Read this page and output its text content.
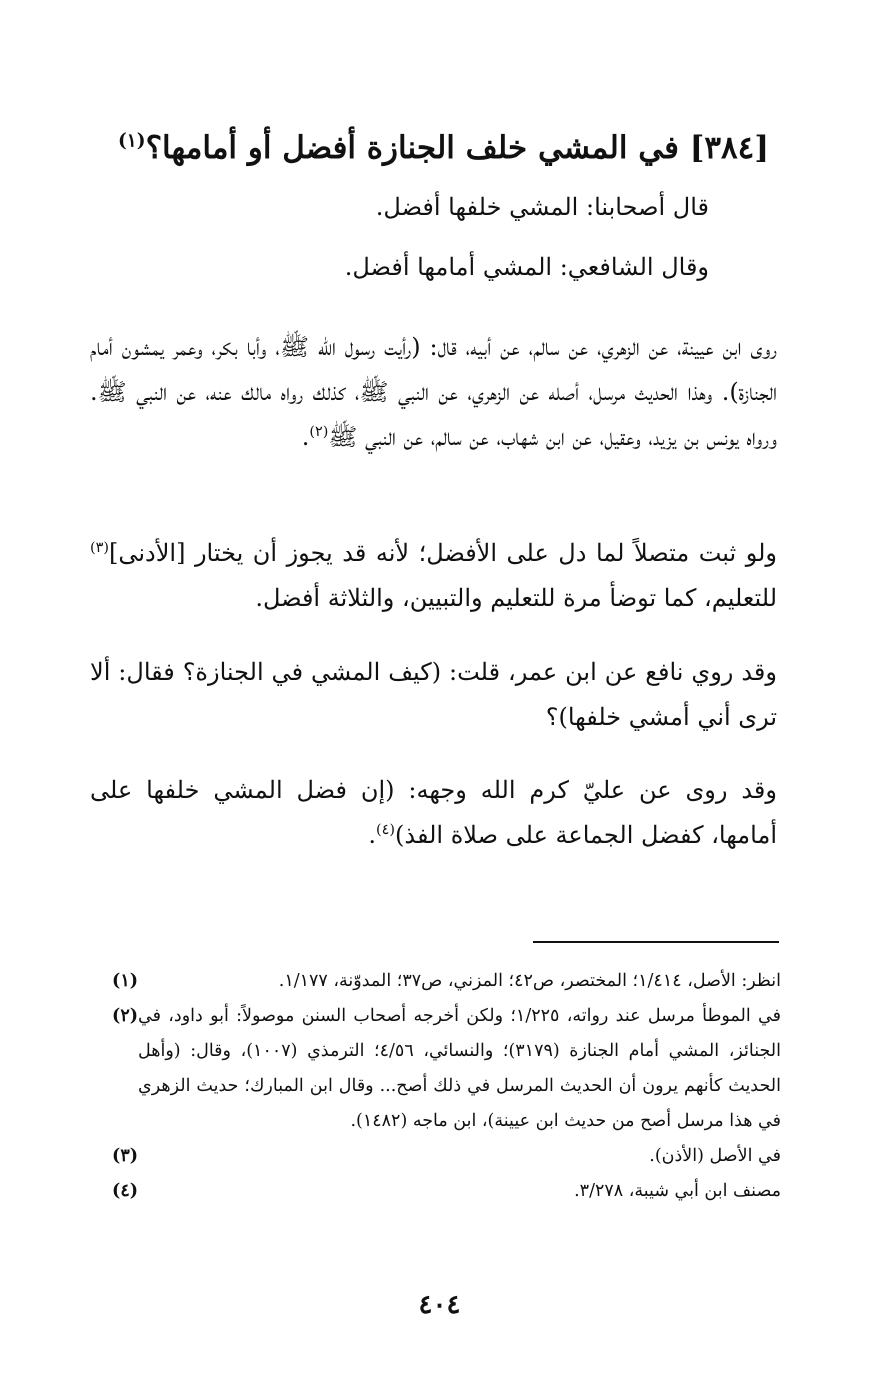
[٣٨٤] في المشي خلف الجنازة أفضل أو أمامها؟$^{(١)}$
قال أصحابنا: المشي خلفها أفضل.
وقال الشافعي: المشي أمامها أفضل.
روى ابن عيينة، عن الزهري، عن سالم، عن أبيه، قال: (رأيت رسول الله ﷺ، وأبا بكر، وعمر يمشون أمام الجنازة). وهذا الحديث مرسل، أصله عن الزهري، عن النبي ﷺ، كذلك رواه مالك عنه، عن النبي ﷺ. ورواه يونس بن يزيد، وعقيل، عن ابن شهاب، عن سالم، عن النبي ﷺ$^{(٢)}$.
ولو ثبت متصلاً لما دل على الأفضل؛ لأنه قد يجوز أن يختار [الأدنى]$^{(٣)}$ للتعليم، كما توضأ مرة للتعليم والتبيين، والثلاثة أفضل.
وقد روي نافع عن ابن عمر، قلت: (كيف المشي في الجنازة؟ فقال: ألا ترى أني أمشي خلفها)؟
وقد روى عن عليّ كرم الله وجهه: (إن فضل المشي خلفها على أمامها، كفضل الجماعة على صلاة الفذ)$^{(٤)}$.
(١)	انظر: الأصل، ١/٤١٤؛ المختصر، ص٤٢؛ المزني، ص٣٧؛ المدوّنة، ١/١٧٧.
(٢) في الموطأ مرسل عند رواته، ١/٢٢٥؛ ولكن أخرجه أصحاب السنن موصولاً: أبو داود، في الجنائز، المشي أمام الجنازة (٣١٧٩)؛ والنسائي، ٤/٥٦؛ الترمذي (١٠٠٧)، وقال: (وأهل الحديث كأنهم يرون أن الحديث المرسل في ذلك أصح... وقال ابن المبارك؛ حديث الزهري في هذا مرسل أصح من حديث ابن عيينة)، ابن ماجه (١٤٨٢).
(٣)	في الأصل (الأذن).
(٤)	مصنف ابن أبي شيبة، ٣/٢٧٨.
٤٠٤
